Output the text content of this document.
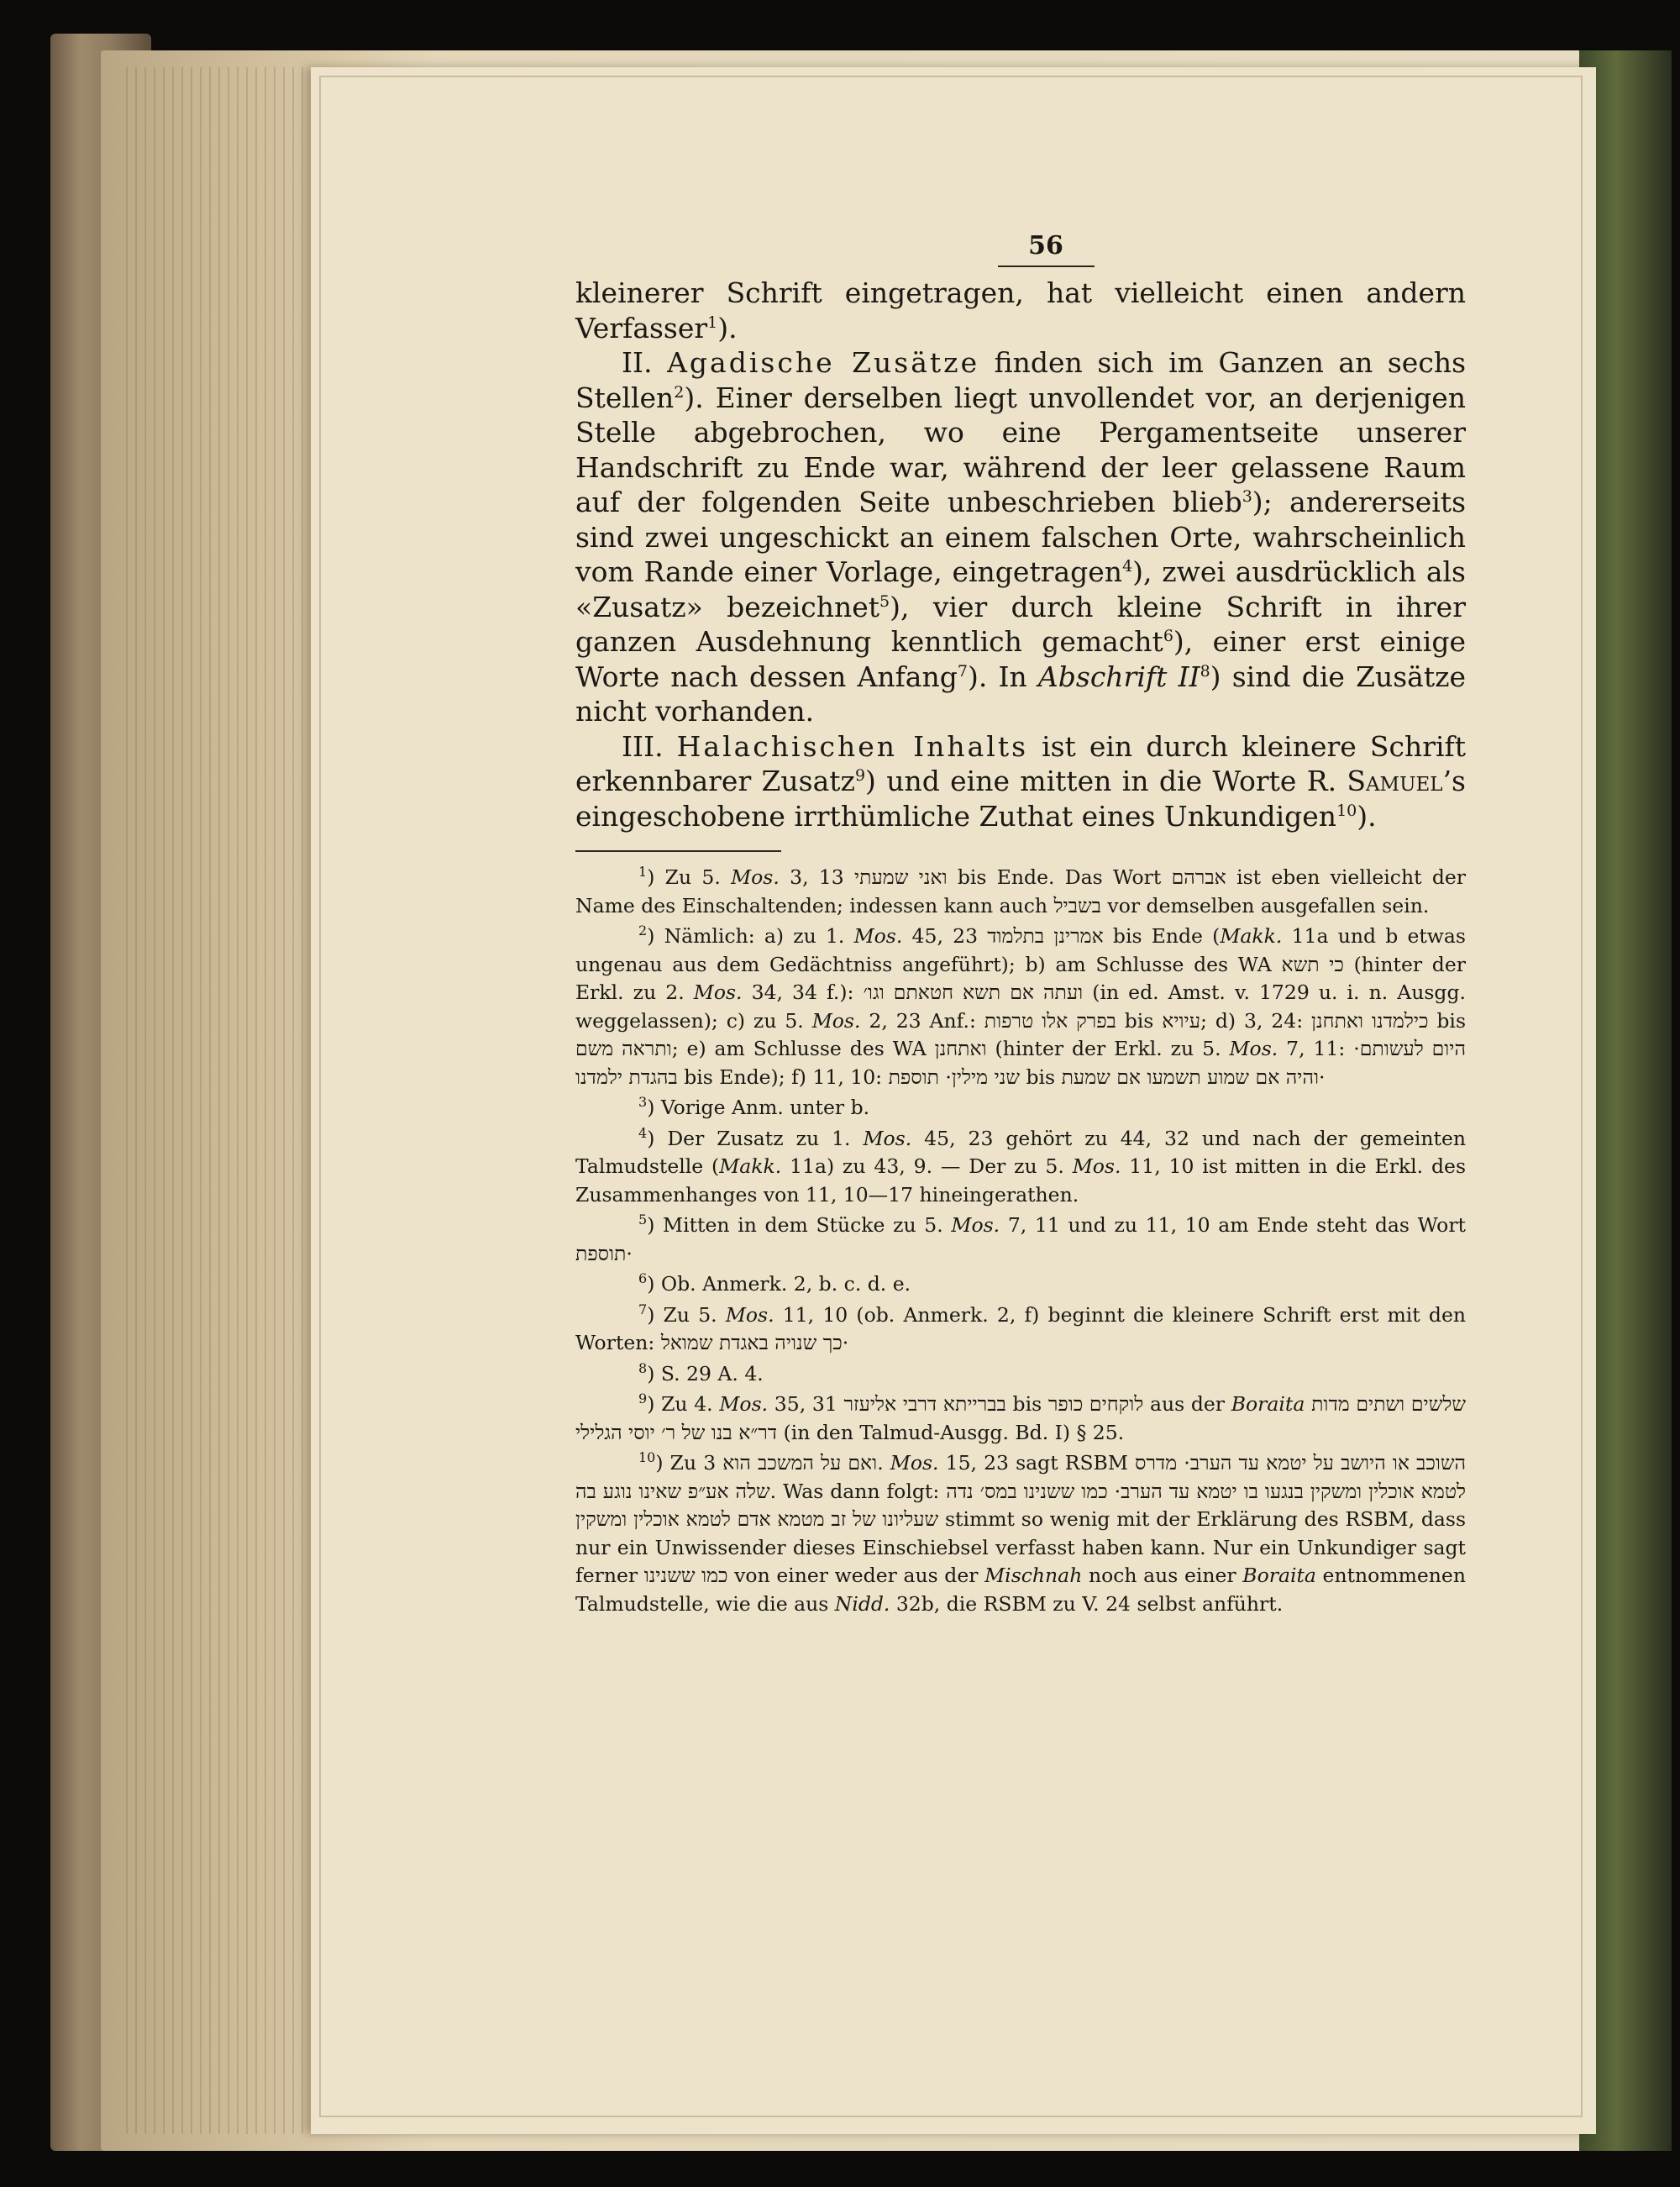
56

kleinerer Schrift eingetragen, hat vielleicht einen andern Verfasser$^1$).

II. Agadische Zusätze finden sich im Ganzen an sechs Stellen$^2$). Einer derselben liegt unvollendet vor, an derjenigen Stelle abgebrochen, wo eine Pergamentseite unserer Handschrift zu Ende war, während der leer gelassene Raum auf der folgenden Seite unbeschrieben blieb$^3$); andererseits sind zwei ungeschickt an einem falschen Orte, wahrscheinlich vom Rande einer Vorlage, eingetragen$^4$), zwei ausdrücklich als «Zusatz» bezeichnet$^5$), vier durch kleine Schrift in ihrer ganzen Ausdehnung kenntlich gemacht$^6$), einer erst einige Worte nach dessen Anfang$^7$). In Abschrift $II^8$) sind die Zusätze nicht vorhanden.

III. Halachischen Inhalts ist ein durch kleinere Schrift erkennbarer Zusatz$^9$) und eine mitten in die Worte R. Samuel’s eingeschobene irrthümliche Zuthat eines Unkundigen$^{10}$).

$^1$) Zu 5. Mos. 3, 13 ואני שמעתי bis Ende. Das Wort אברהם ist eben vielleicht der Name des Einschaltenden; indessen kann auch בשביל vor demselben ausgefallen sein.

$^2$) Nämlich: a) zu 1. Mos. 45, 23 אמרינן בתלמוד bis Ende (Makk. 11a und b etwas ungenau aus dem Gedächtniss angeführt); b) am Schlusse des WA כי תשא (hinter der Erkl. zu 2. Mos. 34, 34 f.): ועתה אם תשא חטאתם וגו׳ (in ed. Amst. v. 1729 u. i. n. Ausgg. weggelassen); c) zu 5. Mos. 2, 23 Anf.: בפרק אלו טרפות bis עיויא; d) 3, 24: כילמדנו ואתחנן bis ותראה משם; e) am Schlusse des WA ואתחנן (hinter der Erkl. zu 5. Mos. 7, 11: היום לעשותם· בהגדת ילמדנו bis Ende); f) 11, 10: שני מילין· תוספת bis והיה אם שמוע תשמעו אם שמעת·

$^3$) Vorige Anm. unter b.

$^4$) Der Zusatz zu 1. Mos. 45, 23 gehört zu 44, 32 und nach der gemeinten Talmudstelle (Makk. 11a) zu 43, 9. — Der zu 5. Mos. 11, 10 ist mitten in die Erkl. des Zusammenhanges von 11, 10—17 hineingerathen.

$^5$) Mitten in dem Stücke zu 5. Mos. 7, 11 und zu 11, 10 am Ende steht das Wort תוספת·

$^6$) Ob. Anmerk. 2, b. c. d. e.

$^7$) Zu 5. Mos. 11, 10 (ob. Anmerk. 2, f) beginnt die kleinere Schrift erst mit den Worten: כך שנויה באגדת שמואל·

$^8$) S. 29 A. 4.

$^9$) Zu 4. Mos. 35, 31 בברייתא דרבי אליעזר bis לוקחים כופר aus der Boraita שלשים ושתים מדות דר״א בנו של ר׳ יוסי הגלילי (in den Talmud-Ausgg. Bd. I) § 25.

$^{10}$) Zu ואם על המשכב הוא 3. Mos. 15, 23 sagt RSBM השוכב או היושב על יטמא עד הערב· מדרס שלה אע״פ שאינו נוגע בה. Was dann folgt: לטמא אוכלין ומשקין בנגעו בו יטמא עד הערב· כמו ששנינו במס׳ נדה שעליונו של זב מטמא אדם לטמא אוכלין ומשקין stimmt so wenig mit der Erklärung des RSBM, dass nur ein Unwissender dieses Einschiebsel verfasst haben kann. Nur ein Unkundiger sagt ferner כמו ששנינו von einer weder aus der Mischnah noch aus einer Boraita entnommenen Talmudstelle, wie die aus Nidd. 32b, die RSBM zu V. 24 selbst anführt.
